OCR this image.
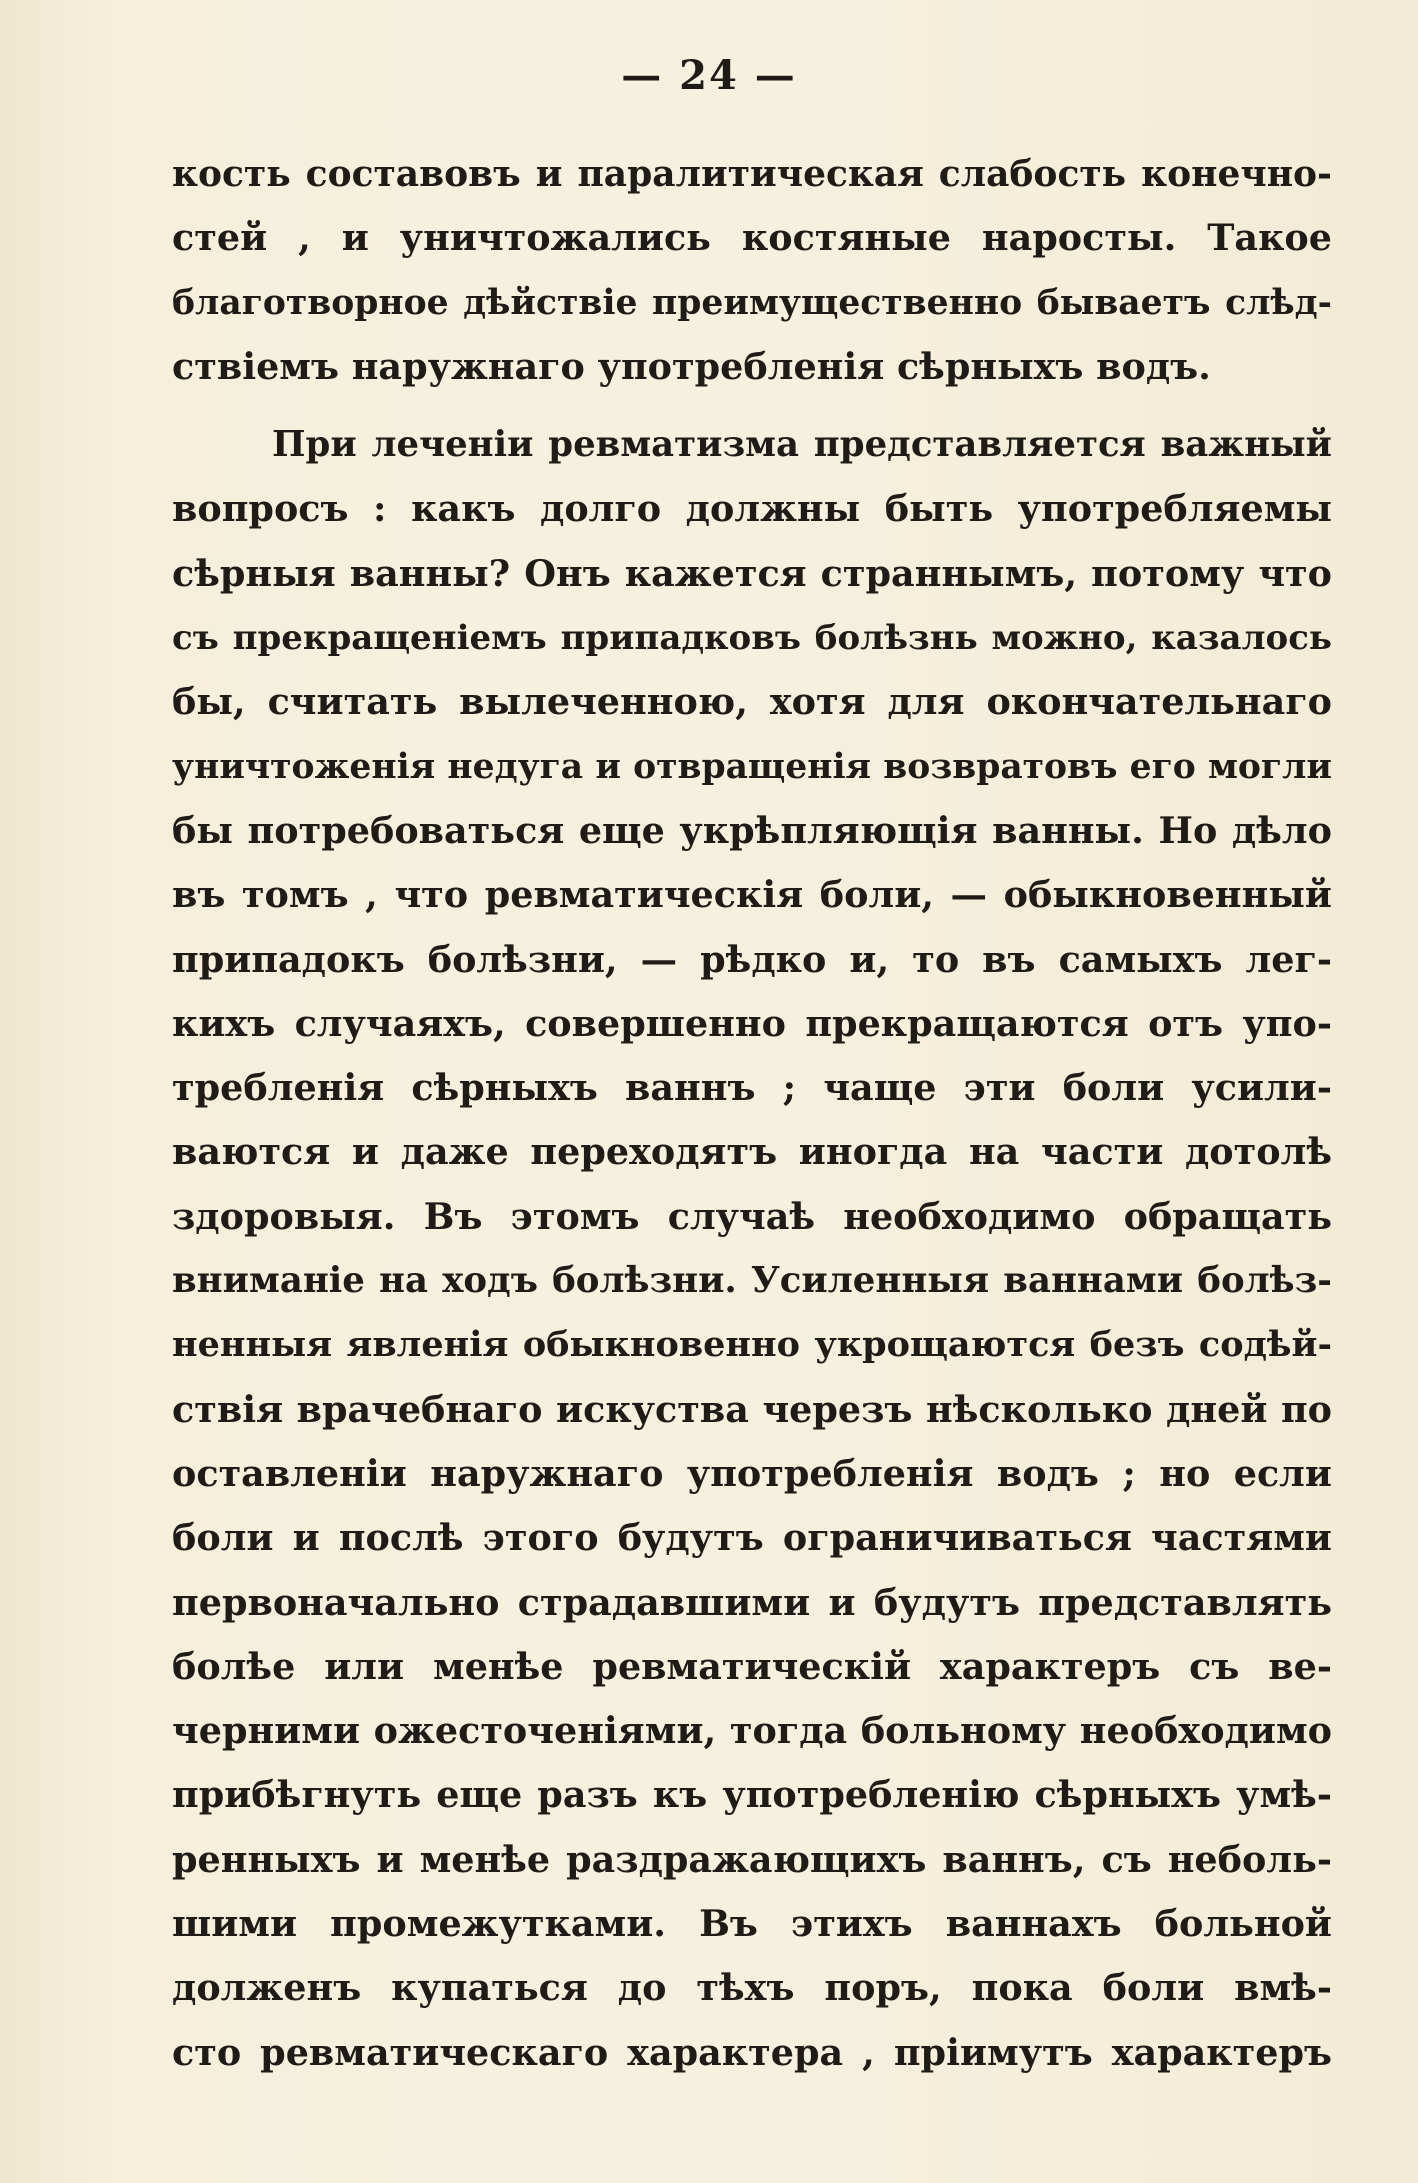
— 24 —
кость составовъ и паралитическая слабость конечно-
стей , и уничтожались костяные наросты. Такое
благотворное дѣйствіе преимущественно бываетъ слѣд-
ствіемъ наружнаго употребленія сѣрныхъ водъ.
При леченіи ревматизма представляется важный
вопросъ : какъ долго должны быть употребляемы
сѣрныя ванны? Онъ кажется страннымъ, потому что
съ прекращеніемъ припадковъ болѣзнь можно, казалось
бы, считать вылеченною, хотя для окончательнаго
уничтоженія недуга и отвращенія возвратовъ его могли
бы потребоваться еще укрѣпляющія ванны. Но дѣло
въ томъ , что ревматическія боли, — обыкновенный
припадокъ болѣзни, — рѣдко и, то въ самыхъ лег-
кихъ случаяхъ, совершенно прекращаются отъ упо-
требленія сѣрныхъ ваннъ ; чаще эти боли усили-
ваются и даже переходятъ иногда на части дотолѣ
здоровыя. Въ этомъ случаѣ необходимо обращать
вниманіе на ходъ болѣзни. Усиленныя ваннами болѣз-
ненныя явленія обыкновенно укрощаются безъ содѣй-
ствія врачебнаго искуства черезъ нѣсколько дней по
оставленіи наружнаго употребленія водъ ; но если
боли и послѣ этого будутъ ограничиваться частями
первоначально страдавшими и будутъ представлять
болѣе или менѣе ревматическій характеръ съ ве-
черними ожесточеніями, тогда больному необходимо
прибѣгнуть еще разъ къ употребленію сѣрныхъ умѣ-
ренныхъ и менѣе раздражающихъ ваннъ, съ неболь-
шими промежутками. Въ этихъ ваннахъ больной
долженъ купаться до тѣхъ поръ, пока боли вмѣ-
сто ревматическаго характера , пріимутъ характеръ
